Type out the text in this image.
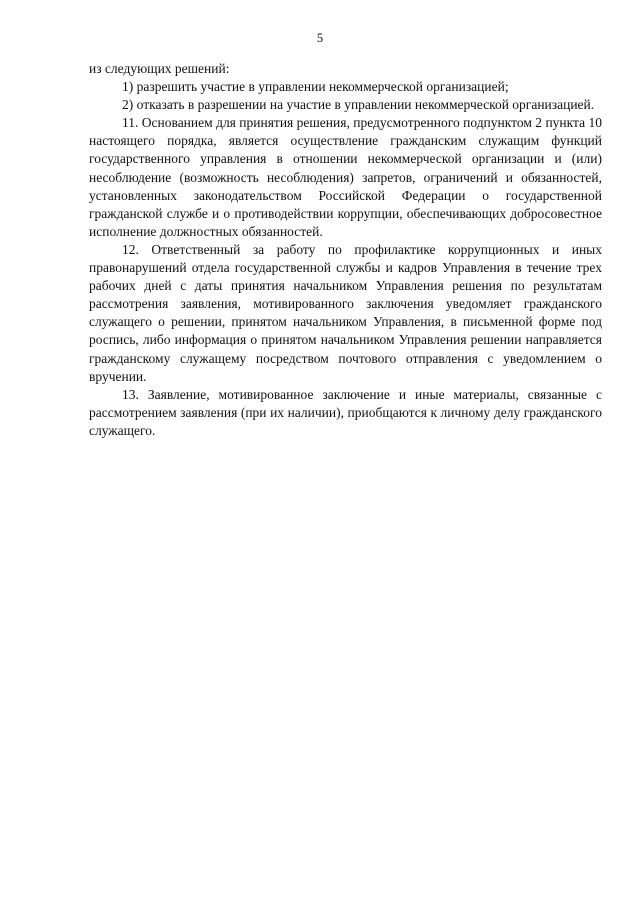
5

из следующих решений:

1) разрешить участие в управлении некоммерческой организацией;

2) отказать в разрешении на участие в управлении некоммерческой организацией.

11. Основанием для принятия решения, предусмотренного подпунктом 2 пункта 10 настоящего порядка, является осуществление гражданским служащим функций государственного управления в отношении некоммерческой организации и (или) несоблюдение (возможность несоблюдения) запретов, ограничений и обязанностей, установленных законодательством Российской Федерации о государственной гражданской службе и о противодействии коррупции, обеспечивающих добросовестное исполнение должностных обязанностей.

12. Ответственный за работу по профилактике коррупционных и иных правонарушений отдела государственной службы и кадров Управления в течение трех рабочих дней с даты принятия начальником Управления решения по результатам рассмотрения заявления, мотивированного заключения уведомляет гражданского служащего о решении, принятом начальником Управления, в письменной форме под роспись, либо информация о принятом начальником Управления решении направляется гражданскому служащему посредством почтового отправления с уведомлением о вручении.

13. Заявление, мотивированное заключение и иные материалы, связанные с рассмотрением заявления (при их наличии), приобщаются к личному делу гражданского служащего.
